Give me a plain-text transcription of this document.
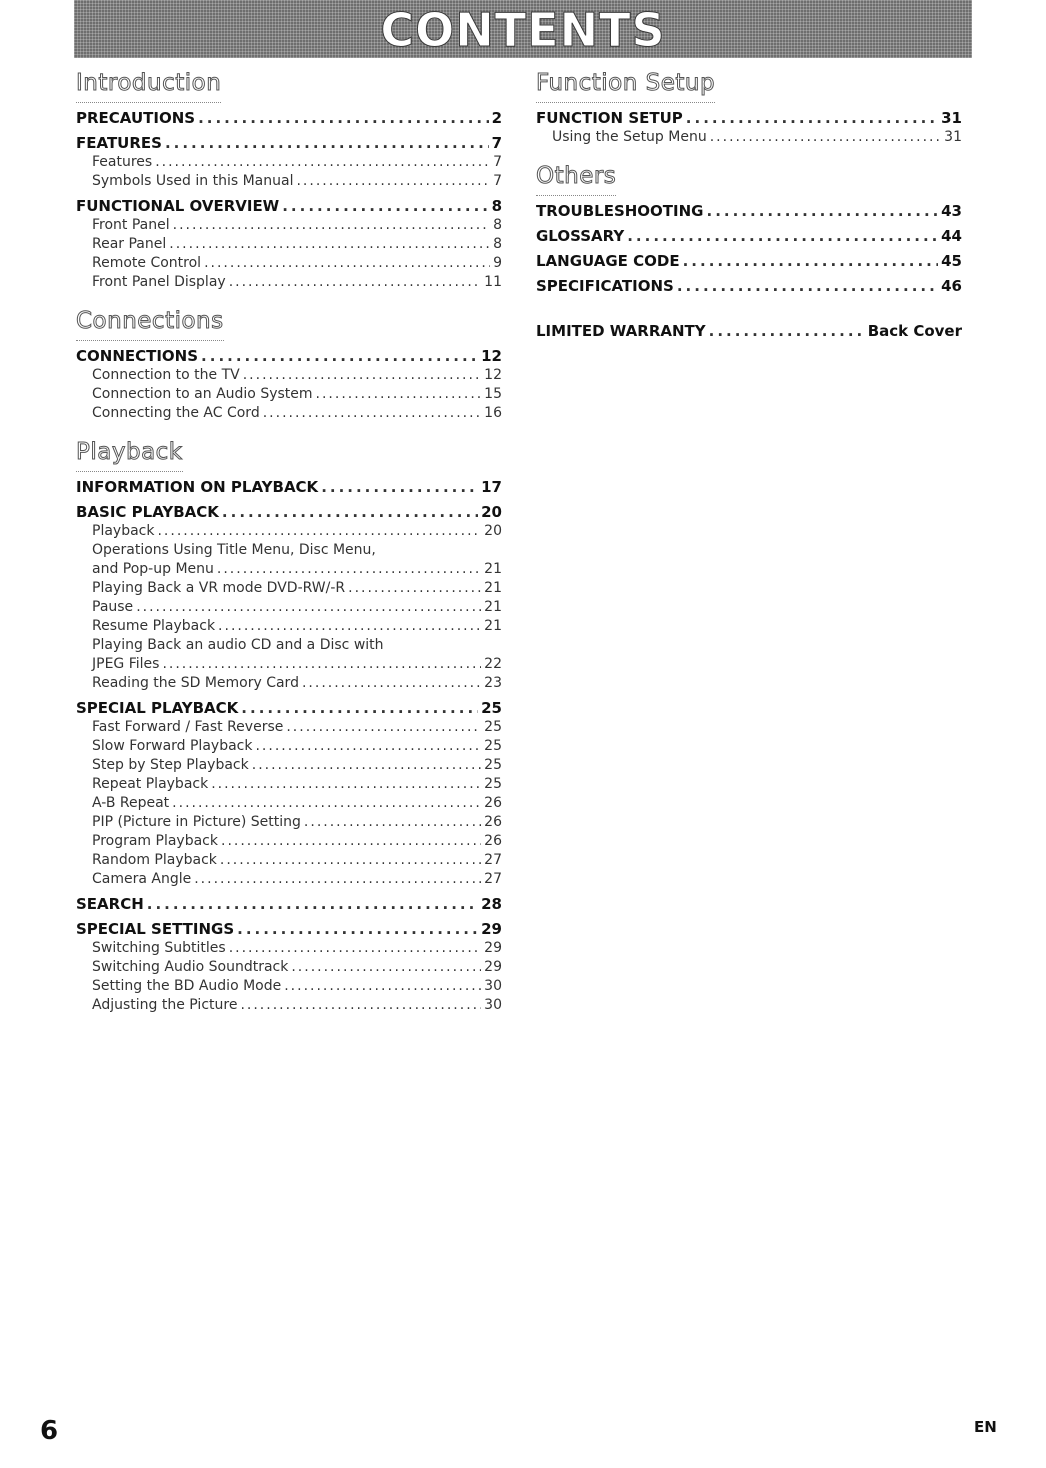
CONTENTS
Introduction
PRECAUTIONS .....	2
FEATURES .....	7
Features .....	7
Symbols Used in this Manual .....	7
FUNCTIONAL OVERVIEW .....	8
Front Panel .....	8
Rear Panel .....	8
Remote Control .....	9
Front Panel Display .....	11
Connections
CONNECTIONS .....	12
Connection to the TV .....	12
Connection to an Audio System .....	15
Connecting the AC Cord .....	16
Playback
INFORMATION ON PLAYBACK .....	17
BASIC PLAYBACK .....	20
Playback .....	20
Operations Using Title Menu, Disc Menu,
and Pop-up Menu .....	21
Playing Back a VR mode DVD-RW/-R .....	21
Pause .....	21
Resume Playback .....	21
Playing Back an audio CD and a Disc with
JPEG Files .....	22
Reading the SD Memory Card .....	23
SPECIAL PLAYBACK .....	25
Fast Forward / Fast Reverse .....	25
Slow Forward Playback .....	25
Step by Step Playback .....	25
Repeat Playback .....	25
A-B Repeat .....	26
PIP (Picture in Picture) Setting .....	26
Program Playback .....	26
Random Playback .....	27
Camera Angle .....	27
SEARCH .....	28
SPECIAL SETTINGS .....	29
Switching Subtitles .....	29
Switching Audio Soundtrack .....	29
Setting the BD Audio Mode .....	30
Adjusting the Picture .....	30
Function Setup
FUNCTION SETUP .....	31
Using the Setup Menu .....	31
Others
TROUBLESHOOTING .....	43
GLOSSARY .....	44
LANGUAGE CODE .....	45
SPECIFICATIONS .....	46
LIMITED WARRANTY .....	Back Cover
6	EN
